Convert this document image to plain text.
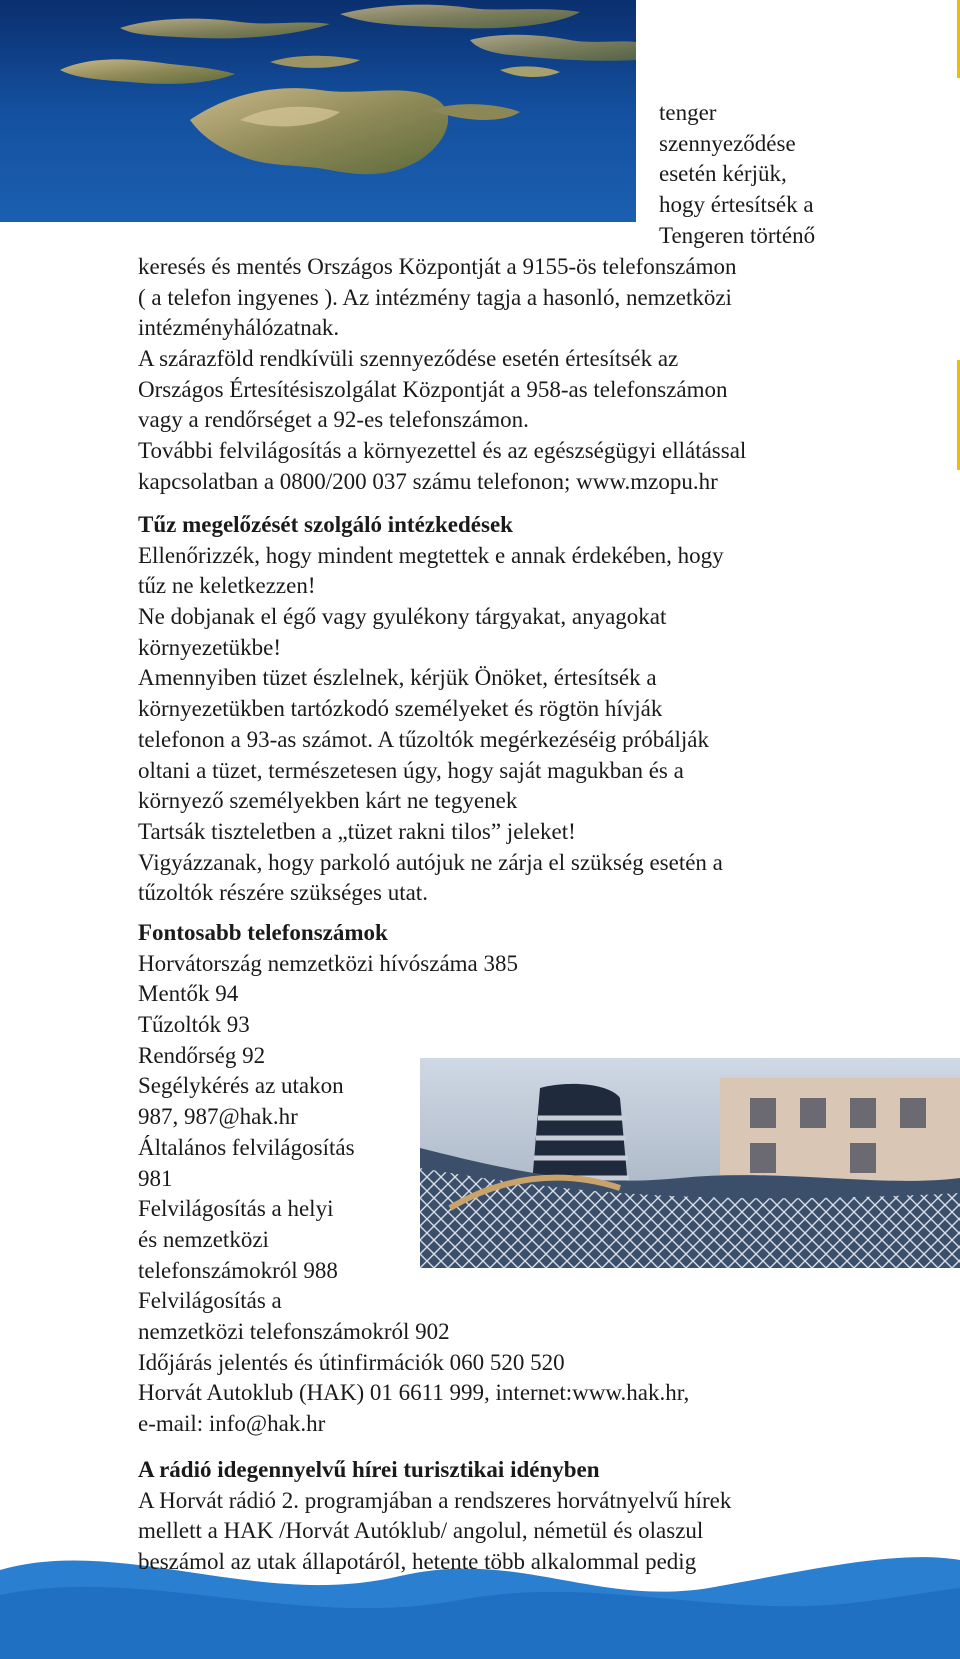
tenger
szennyeződése
esetén kérjük,
hogy értesítsék a
Tengeren történő
keresés és mentés Országos Központját a 9155-ös telefonszámon
( a telefon ingyenes ). Az intézmény tagja a hasonló, nemzetközi
intézményhálózatnak.
A szárazföld rendkívüli szennyeződése esetén értesítsék az
Országos Értesítésiszolgálat Központját a 958-as telefonszámon
vagy a rendőrséget a 92-es telefonszámon.
További felvilágosítás a környezettel és az egészségügyi ellátással
kapcsolatban a 0800/200 037 számu telefonon; www.mzopu.hr
Tűz megelőzését szolgáló intézkedések
Ellenőrizzék, hogy mindent megtettek e annak érdekében, hogy
tűz ne keletkezzen!
Ne dobjanak el égő vagy gyulékony tárgyakat, anyagokat
környezetükbe!
Amennyiben tüzet észlelnek, kérjük Önöket, értesítsék a
környezetükben tartózkodó személyeket és rögtön hívják
telefonon a 93-as számot. A tűzoltók megérkezéséig próbálják
oltani a tüzet, természetesen úgy, hogy saját magukban és a
környező személyekben kárt ne tegyenek
Tartsák tiszteletben a „tüzet rakni tilos” jeleket!
Vigyázzanak, hogy parkoló autójuk ne zárja el szükség esetén a
tűzoltók részére szükséges utat.
Fontosabb telefonszámok
Horvátország nemzetközi hívószáma 385
Mentők 94
Tűzoltók 93
Rendőrség 92
Segélykérés az utakon
987, 987@hak.hr
Általános felvilágosítás
981
Felvilágosítás a helyi
és nemzetközi
telefonszámokról 988
Felvilágosítás a
nemzetközi telefonszámokról 902
Időjárás jelentés és útinfirmációk 060 520 520
Horvát Autoklub (HAK) 01 6611 999, internet:www.hak.hr,
e-mail: info@hak.hr
A rádió idegennyelvű hírei turisztikai idényben
A Horvát rádió 2. programjában a rendszeres horvátnyelvű hírek
mellett a HAK /Horvát Autóklub/ angolul, németül és olaszul
beszámol az utak állapotáról, hetente több alkalommal pedig
